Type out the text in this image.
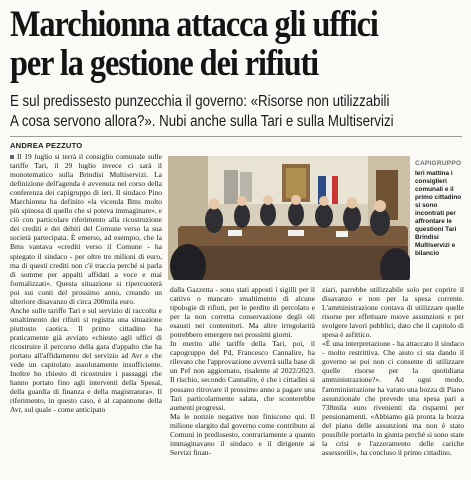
Marchionna attacca gli uffici
per la gestione dei rifiuti
E sul predissesto punzecchia il governo: «Risorse non utilizzabili
A cosa servono allora?». Nubi anche sulla Tari e sulla Multiservizi
ANDREA PEZZUTO

Il 19 luglio si terrà il consiglio comunale sulle tariffe Tari, il 29 luglio invece ci sarà il monotematico sulla Brindisi Multiservizi. La definizione dell'agenda è avvenuta nel corso della conferenza dei capigruppo di ieri. Il sindaco Pino Marchionna ha definito «la vicenda Bms molto più spinosa di quello che si poteva immaginare», e ciò con particolare riferimento alla ricostruzione dei crediti e dei debiti del Comune verso la sua società partecipata. È emerso, ad esempio, che la Bms vantava «crediti verso il Comune - ha spiegato il sindaco - per oltre tre milioni di euro, ma di questi crediti non c'è traccia perché si parla di somme per appalti affidati a voce e mai formalizzati». Questa situazione si ripercuoterà poi sui conti del prossimo anno, creando un ulteriore disavanzo di circa 200mila euro.

Anche sulle tariffe Tari e sul servizio di raccolta e smaltimento dei rifiuti si registra una situazione piuttosto caotica. Il primo cittadino ha praticamente già avviato «chiesto agli uffici di ricostruire il percorso della gara d'appalto che ha portato all'affidamento del servizio ad Avr e che vede un capitolato assolutamente insufficiente. Inoltre ho chiesto di ricostruire i passaggi che hanno portato fino agli interventi della Spesal, della guardia di finanza e della magistratura». Il riferimento, in questo caso, è al capannone della Avr, sul quale - come anticipato

CAPIGRUPPO
Ieri mattina i consiglieri comunali e il primo cittadino si sono incontrati per affrontare le questioni Tari Brindisi Multiservizi e bilancio

dalla Gazzetta - sono stati apposti i sigilli per il cattivo o mancato smaltimento di alcune tipologie di rifiuti, per le perdite di percolato e per la non corretta conservazione degli oli esausti nei contenitori. Ma altre irregolarità potrebbero emergere nei prossimi giorni.

In merito alle tariffe della Tari, poi, il capogruppo del Pd, Francesco Cannalire, ha rilevato che l'approvazione avverrà sulla base di un Pef non aggiornato, risalente al 2022/2023. Il rischio, secondo Cannalire, è che i cittadini si possano ritrovare il prossimo anno a pagare una Tari particolarmente salata, che sconterebbe aumenti progressi.

Ma le notizie negative non finiscono qui. Il milione elargito dal governo come contributo ai Comuni in predissesto, contrariamente a quanto immaginavano il sindaco e il dirigente ai Servizi finan-

ziari, parrebbe utilizzabile solo per coprire il disavanzo e non per la spesa corrente. L'amministrazione contava di utilizzare quelle risorse per effettuare nuove assunzioni e per svolgere lavori pubblici, dato che il capitolo di spesa è asfittico.

«È una interpretazione - ha attaccato il sindaco - molto restrittiva. Che aiuto ci sta dando il governo se poi non ci consente di utilizzare quelle risorse per la quotidiana amministrazione?». Ad ogni modo, l'amministrazione ha varato una bozza di Piano assunzionale che prevede una spesa pari a 738mila euro rivenienti da risparmi per pensionamenti. «Abbiamo già pronta la bozza del piano delle assunzioni ma non è stato possibile portarlo in giunta perché si sono state la crisi e l'azzeramento delle cariche assessorili», ha concluso il primo cittadino.
